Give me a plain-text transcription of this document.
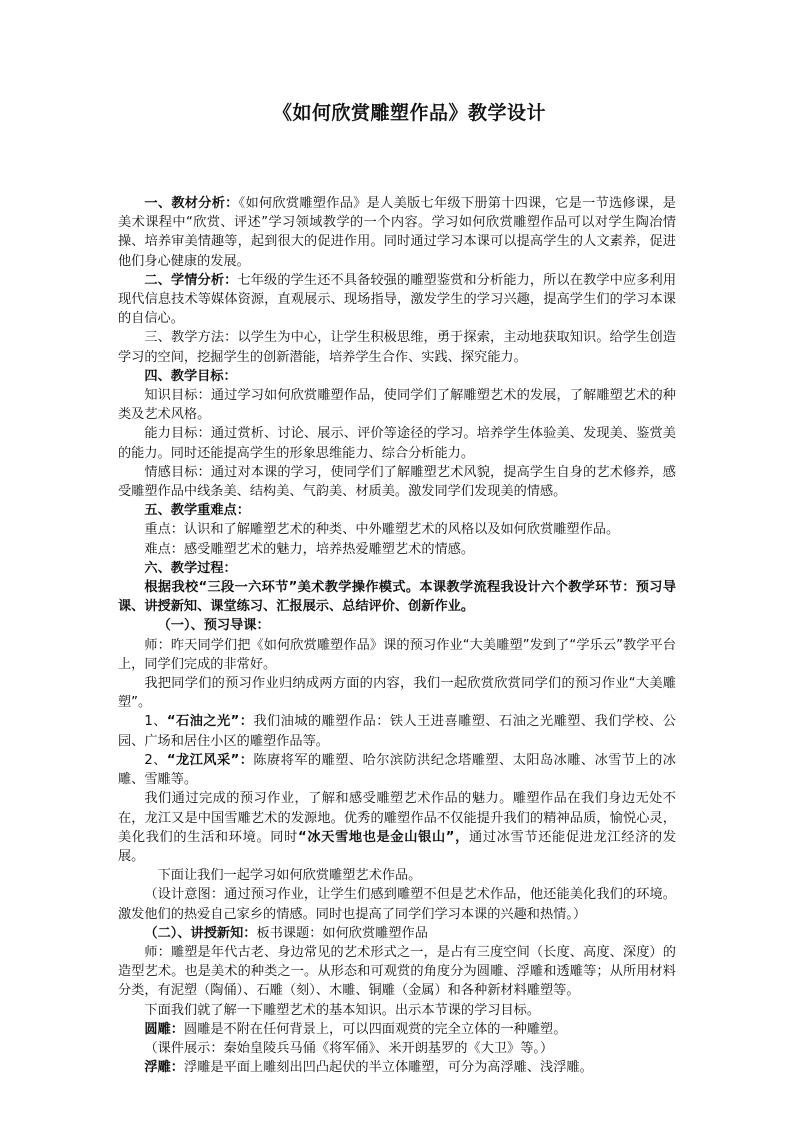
《如何欣赏雕塑作品》教学设计

一、教材分析：《如何欣赏雕塑作品》是人美版七年级下册第十四课，它是一节选修课，是美术课程中“欣赏、评述”学习领域教学的一个内容。学习如何欣赏雕塑作品可以对学生陶冶情操、培养审美情趣等，起到很大的促进作用。同时通过学习本课可以提高学生的人文素养，促进他们身心健康的发展。

二、学情分析：七年级的学生还不具备较强的雕塑鉴赏和分析能力，所以在教学中应多利用现代信息技术等媒体资源，直观展示、现场指导，激发学生的学习兴趣，提高学生们的学习本课的自信心。

三、教学方法：以学生为中心，让学生积极思维，勇于探索，主动地获取知识。给学生创造学习的空间，挖掘学生的创新潜能，培养学生合作、实践、探究能力。

四、教学目标：

知识目标：通过学习如何欣赏雕塑作品，使同学们了解雕塑艺术的发展，了解雕塑艺术的种类及艺术风格。

能力目标：通过赏析、讨论、展示、评价等途径的学习。培养学生体验美、发现美、鉴赏美的能力。同时还能提高学生的形象思维能力、综合分析能力。

情感目标：通过对本课的学习，使同学们了解雕塑艺术风貌，提高学生自身的艺术修养，感受雕塑作品中线条美、结构美、气韵美、材质美。激发同学们发现美的情感。

五、教学重难点：

重点：认识和了解雕塑艺术的种类、中外雕塑艺术的风格以及如何欣赏雕塑作品。

难点：感受雕塑艺术的魅力，培养热爱雕塑艺术的情感。

六、教学过程：

根据我校“三段一六环节”美术教学操作模式。本课教学流程我设计六个教学环节：预习导课、讲授新知、课堂练习、汇报展示、总结评价、创新作业。

（一）、预习导课：

师：昨天同学们把《如何欣赏雕塑作品》课的预习作业“大美雕塑”发到了“学乐云”教学平台上，同学们完成的非常好。

我把同学们的预习作业归纳成两方面的内容，我们一起欣赏欣赏同学们的预习作业“大美雕塑”。

1、“石油之光”：我们油城的雕塑作品：铁人王进喜雕塑、石油之光雕塑、我们学校、公园、广场和居住小区的雕塑作品等。

2、“龙江风采”：陈赓将军的雕塑、哈尔滨防洪纪念塔雕塑、太阳岛冰雕、冰雪节上的冰雕、雪雕等。

我们通过完成的预习作业，了解和感受雕塑艺术作品的魅力。雕塑作品在我们身边无处不在，龙江又是中国雪雕艺术的发源地。优秀的雕塑作品不仅能提升我们的精神品质，愉悦心灵，美化我们的生活和环境。同时“冰天雪地也是金山银山”，通过冰雪节还能促进龙江经济的发展。

下面让我们一起学习如何欣赏雕塑艺术作品。

（设计意图：通过预习作业，让学生们感到雕塑不但是艺术作品，他还能美化我们的环境。激发他们的热爱自己家乡的情感。同时也提高了同学们学习本课的兴趣和热情。）

（二）、讲授新知：板书课题：如何欣赏雕塑作品

师：雕塑是年代古老、身边常见的艺术形式之一，是占有三度空间（长度、高度、深度）的造型艺术。也是美术的种类之一。从形态和可观赏的角度分为圆雕、浮雕和透雕等；从所用材料分类，有泥塑（陶俑）、石雕（刻）、木雕、铜雕（金属）和各种新材料雕塑等。

下面我们就了解一下雕塑艺术的基本知识。出示本节课的学习目标。

圆雕：圆雕是不附在任何背景上，可以四面观赏的完全立体的一种雕塑。

（课件展示：秦始皇陵兵马俑《将军俑》、米开朗基罗的《大卫》等。）

浮雕：浮雕是平面上雕刻出凹凸起伏的半立体雕塑，可分为高浮雕、浅浮雕。
